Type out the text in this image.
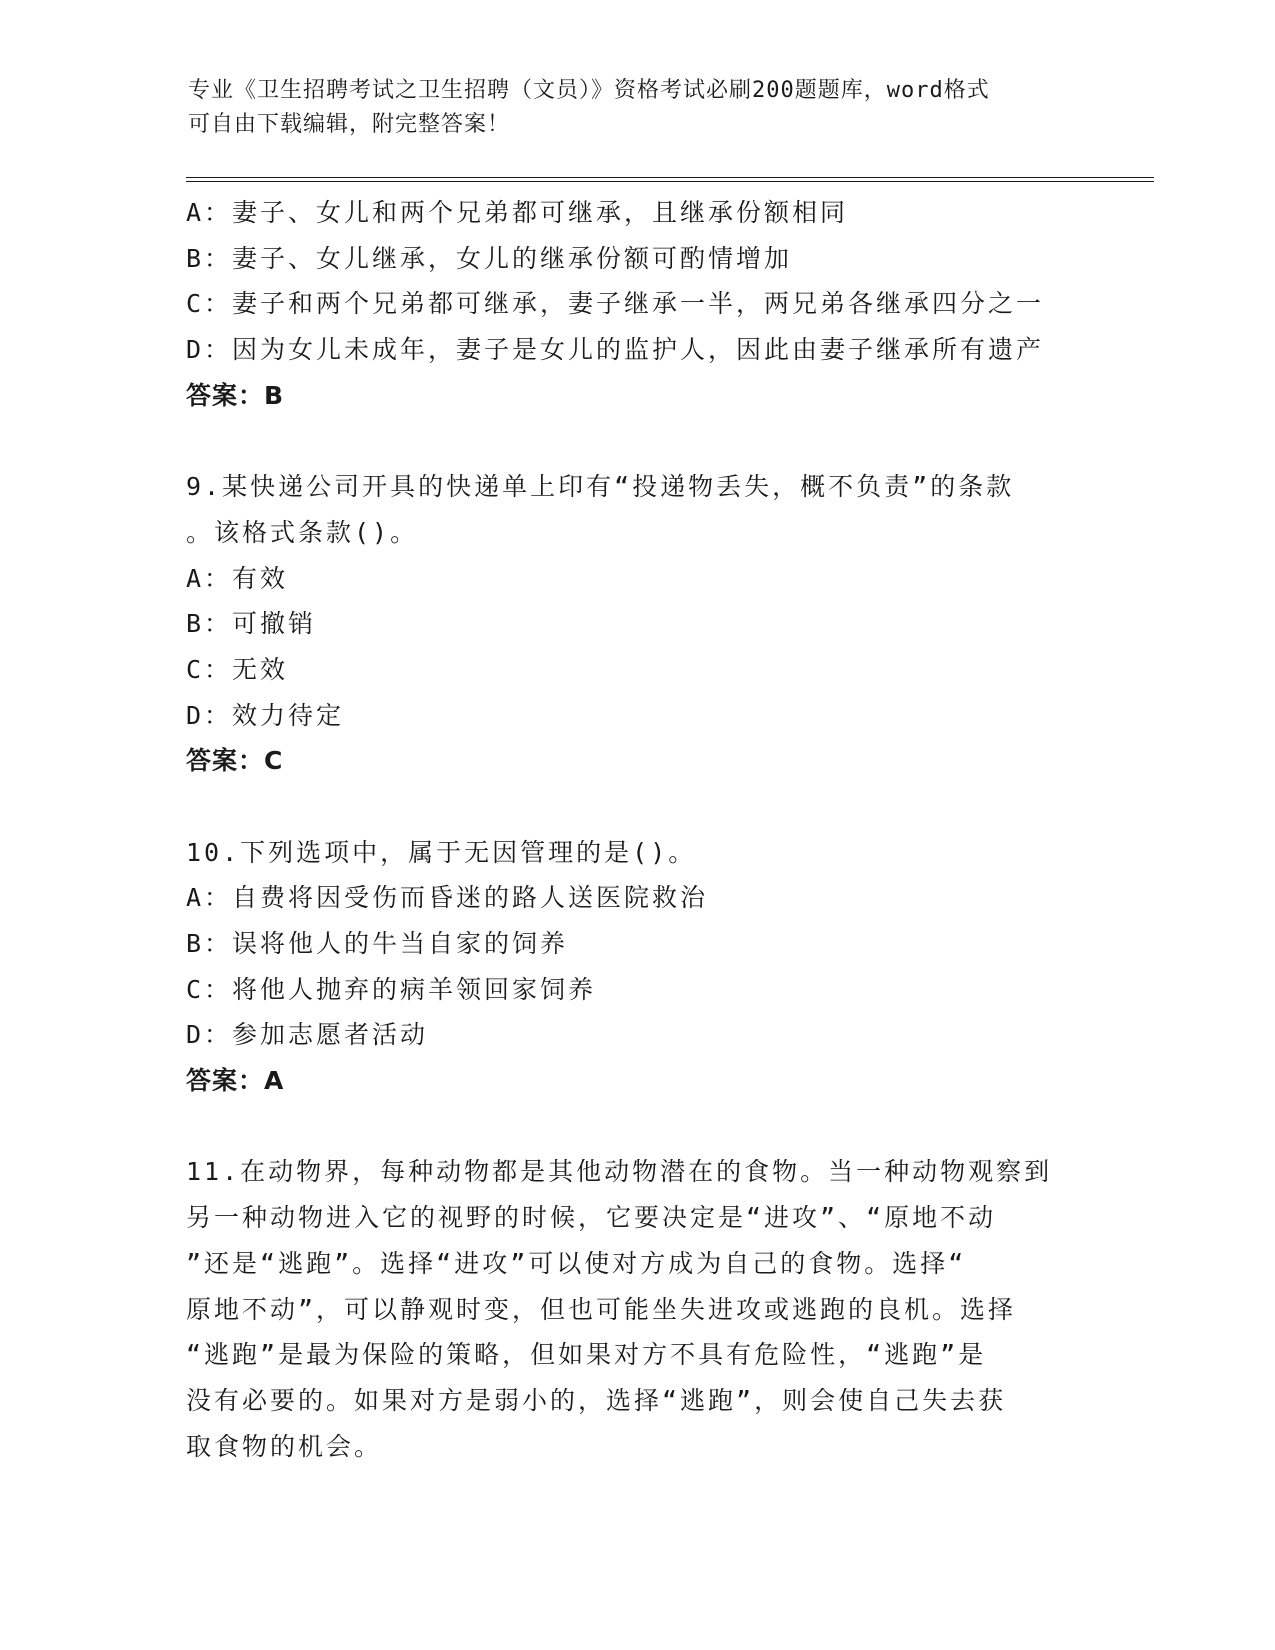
专业《卫生招聘考试之卫生招聘（文员）》资格考试必刷200题题库，word格式
可自由下载编辑，附完整答案！
A：妻子、女儿和两个兄弟都可继承，且继承份额相同
B：妻子、女儿继承，女儿的继承份额可酌情增加
C：妻子和两个兄弟都可继承，妻子继承一半，两兄弟各继承四分之一
D：因为女儿未成年，妻子是女儿的监护人，因此由妻子继承所有遗产
答案：B
9.某快递公司开具的快递单上印有“投递物丢失，概不负责”的条款
。该格式条款()。
A：有效
B：可撤销
C：无效
D：效力待定
答案：C
10.下列选项中，属于无因管理的是()。
A：自费将因受伤而昏迷的路人送医院救治
B：误将他人的牛当自家的饲养
C：将他人抛弃的病羊领回家饲养
D：参加志愿者活动
答案：A
11.在动物界，每种动物都是其他动物潜在的食物。当一种动物观察到
另一种动物进入它的视野的时候，它要决定是“进攻”、“原地不动
”还是“逃跑”。选择“进攻”可以使对方成为自己的食物。选择“
原地不动”，可以静观时变，但也可能坐失进攻或逃跑的良机。选择
“逃跑”是最为保险的策略，但如果对方不具有危险性，“逃跑”是
没有必要的。如果对方是弱小的，选择“逃跑”，则会使自己失去获
取食物的机会。
